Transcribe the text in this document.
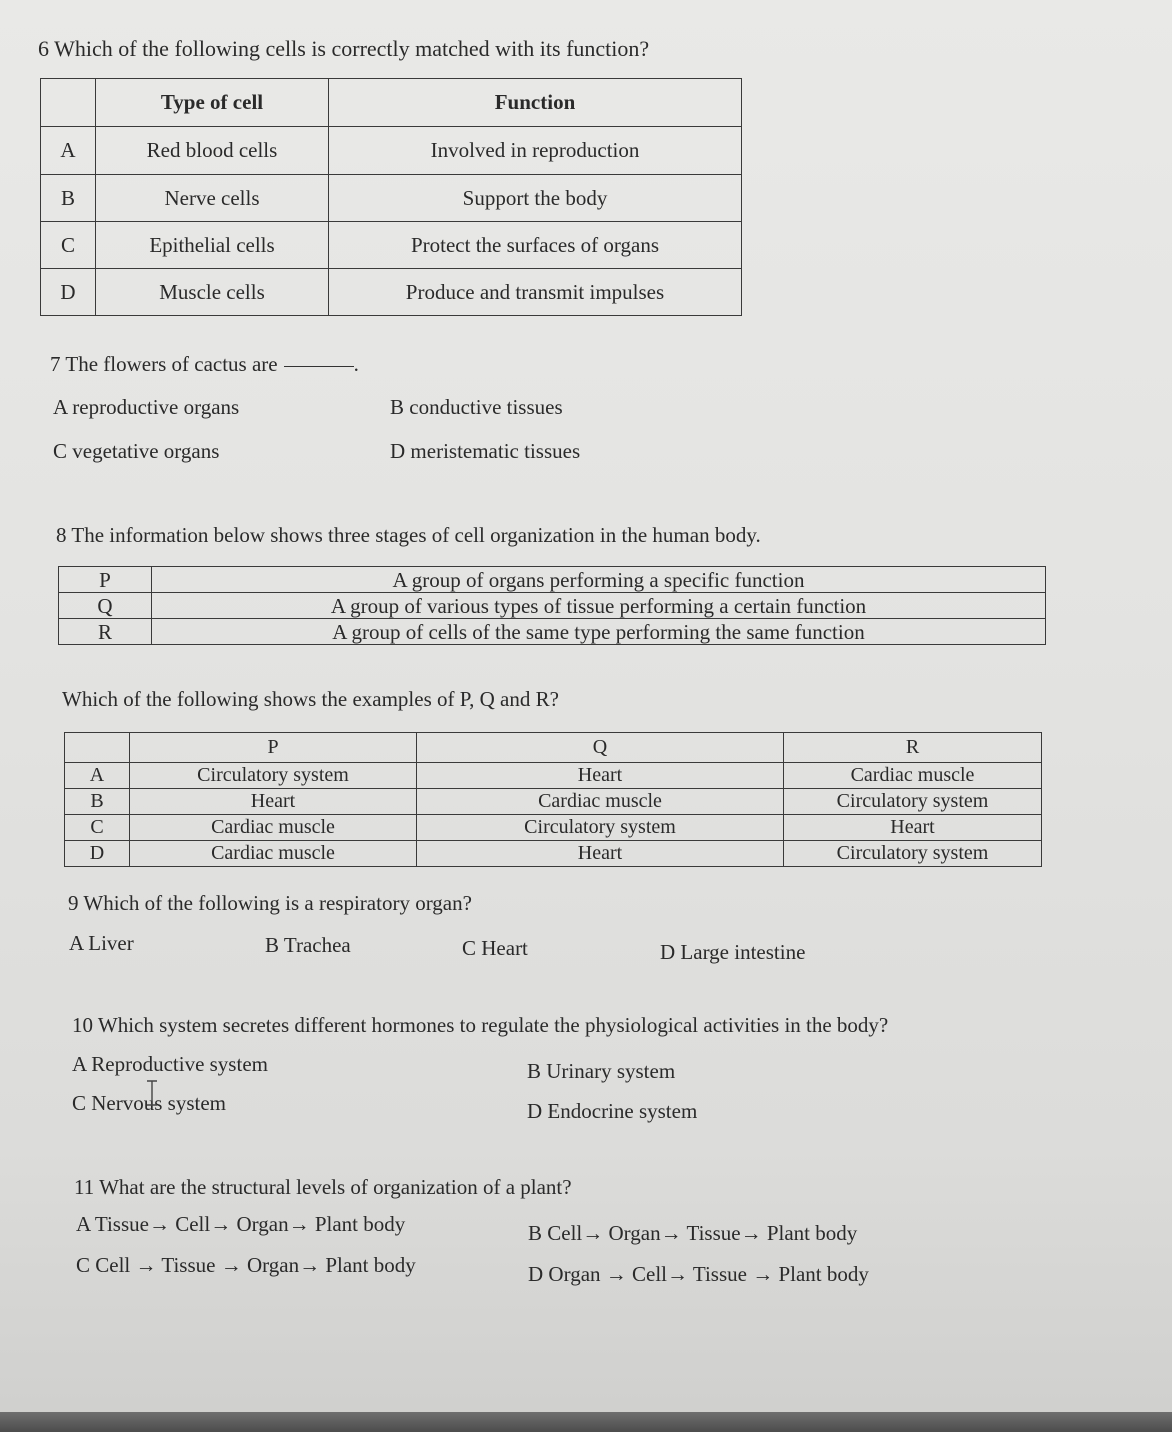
6 Which of the following cells is correctly matched with its function?
	Type of cell	Function
A	Red blood cells	Involved in reproduction
B	Nerve cells	Support the body
C	Epithelial cells	Protect the surfaces of organs
D	Muscle cells	Produce and transmit impulses
7 The flowers of cactus are	.
A reproductive organs	B conductive tissues
C vegetative organs	D meristematic tissues
8 The information below shows three stages of cell organization in the human body.
P	A group of organs performing a specific function
Q	A group of various types of tissue performing a certain function
R	A group of cells of the same type performing the same function
Which of the following shows the examples of P, Q and R?
	P	Q	R
A	Circulatory system	Heart	Cardiac muscle
B	Heart	Cardiac muscle	Circulatory system
C	Cardiac muscle	Circulatory system	Heart
D	Cardiac muscle	Heart	Circulatory system
9 Which of the following is a respiratory organ?
A Liver	B Trachea	C Heart	D Large intestine
10 Which system secretes different hormones to regulate the physiological activities in the body?
A Reproductive system	B Urinary system
C Nervous system	D Endocrine system
11 What are the structural levels of organization of a plant?
A Tissue→ Cell→ Organ→ Plant body	B Cell→ Organ→ Tissue→ Plant body
C Cell → Tissue → Organ→ Plant body	D Organ → Cell→ Tissue → Plant body
